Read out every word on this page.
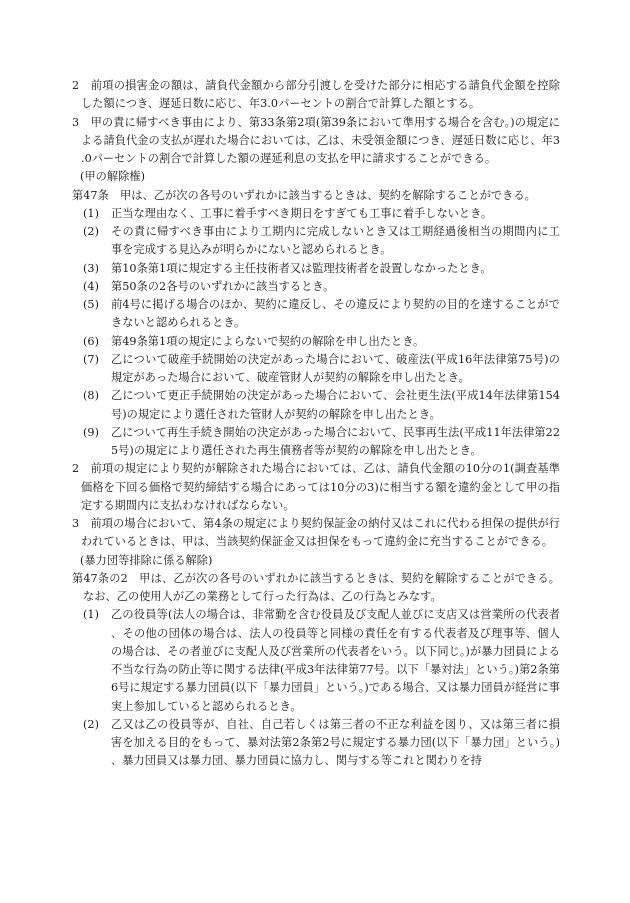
2　前項の損害金の額は、請負代金額から部分引渡しを受けた部分に相応する請負代金額を控除した額につき、遅延日数に応じ、年3.0パーセントの割合で計算した額とする。

3　甲の責に帰すべき事由により、第33条第2項(第39条において準用する場合を含む。)の規定による請負代金の支払が遅れた場合においては、乙は、未受領金額につき、遅延日数に応じ、年3.0パーセントの割合で計算した額の遅延利息の支払を甲に請求することができる。

(甲の解除権)

第47条　甲は、乙が次の各号のいずれかに該当するときは、契約を解除することができる。

(1)	正当な理由なく、工事に着手すべき期日をすぎても工事に着手しないとき。
(2)	その責に帰すべき事由により工期内に完成しないとき又は工期経過後相当の期間内に工事を完成する見込みが明らかにないと認められるとき。
(3)	第10条第1項に規定する主任技術者又は監理技術者を設置しなかったとき。
(4)	第50条の2各号のいずれかに該当するとき。
(5)	前4号に掲げる場合のほか、契約に違反し、その違反により契約の目的を達することができないと認められるとき。
(6)	第49条第1項の規定によらないで契約の解除を申し出たとき。
(7)	乙について破産手続開始の決定があった場合において、破産法(平成16年法律第75号)の規定があった場合において、破産管財人が契約の解除を申し出たとき。
(8)	乙について更正手続開始の決定があった場合において、会社更生法(平成14年法律第154号)の規定により選任された管財人が契約の解除を申し出たとき。
(9)	乙について再生手続き開始の決定があった場合において、民事再生法(平成11年法律第225号)の規定により選任された再生債務者等が契約の解除を申し出たとき。

2　前項の規定により契約が解除された場合においては、乙は、請負代金額の10分の1(調査基準価格を下回る価格で契約締結する場合にあっては10分の3)に相当する額を違約金として甲の指定する期間内に支払わなければならない。

3　前項の場合において、第4条の規定により契約保証金の納付又はこれに代わる担保の提供が行われているときは、甲は、当該契約保証金又は担保をもって違約金に充当することができる。

(暴力団等排除に係る解除)

第47条の2　甲は、乙が次の各号のいずれかに該当するときは、契約を解除することができる。なお、乙の使用人が乙の業務として行った行為は、乙の行為とみなす。

(1)	乙の役員等(法人の場合は、非常勤を含む役員及び支配人並びに支店又は営業所の代表者、その他の団体の場合は、法人の役員等と同様の責任を有する代表者及び理事等、個人の場合は、その者並びに支配人及び営業所の代表者をいう。以下同じ。)が暴力団員による不当な行為の防止等に関する法律(平成3年法律第77号。以下「暴対法」という。)第2条第6号に規定する暴力団員(以下「暴力団員」という。)である場合、又は暴力団員が経営に事実上参加していると認められるとき。
(2)	乙又は乙の役員等が、自社、自己若しくは第三者の不正な利益を図り、又は第三者に損害を加える目的をもって、暴対法第2条第2号に規定する暴力団(以下「暴力団」という。)、暴力団員又は暴力団、暴力団員に協力し、関与する等これと関わりを持
